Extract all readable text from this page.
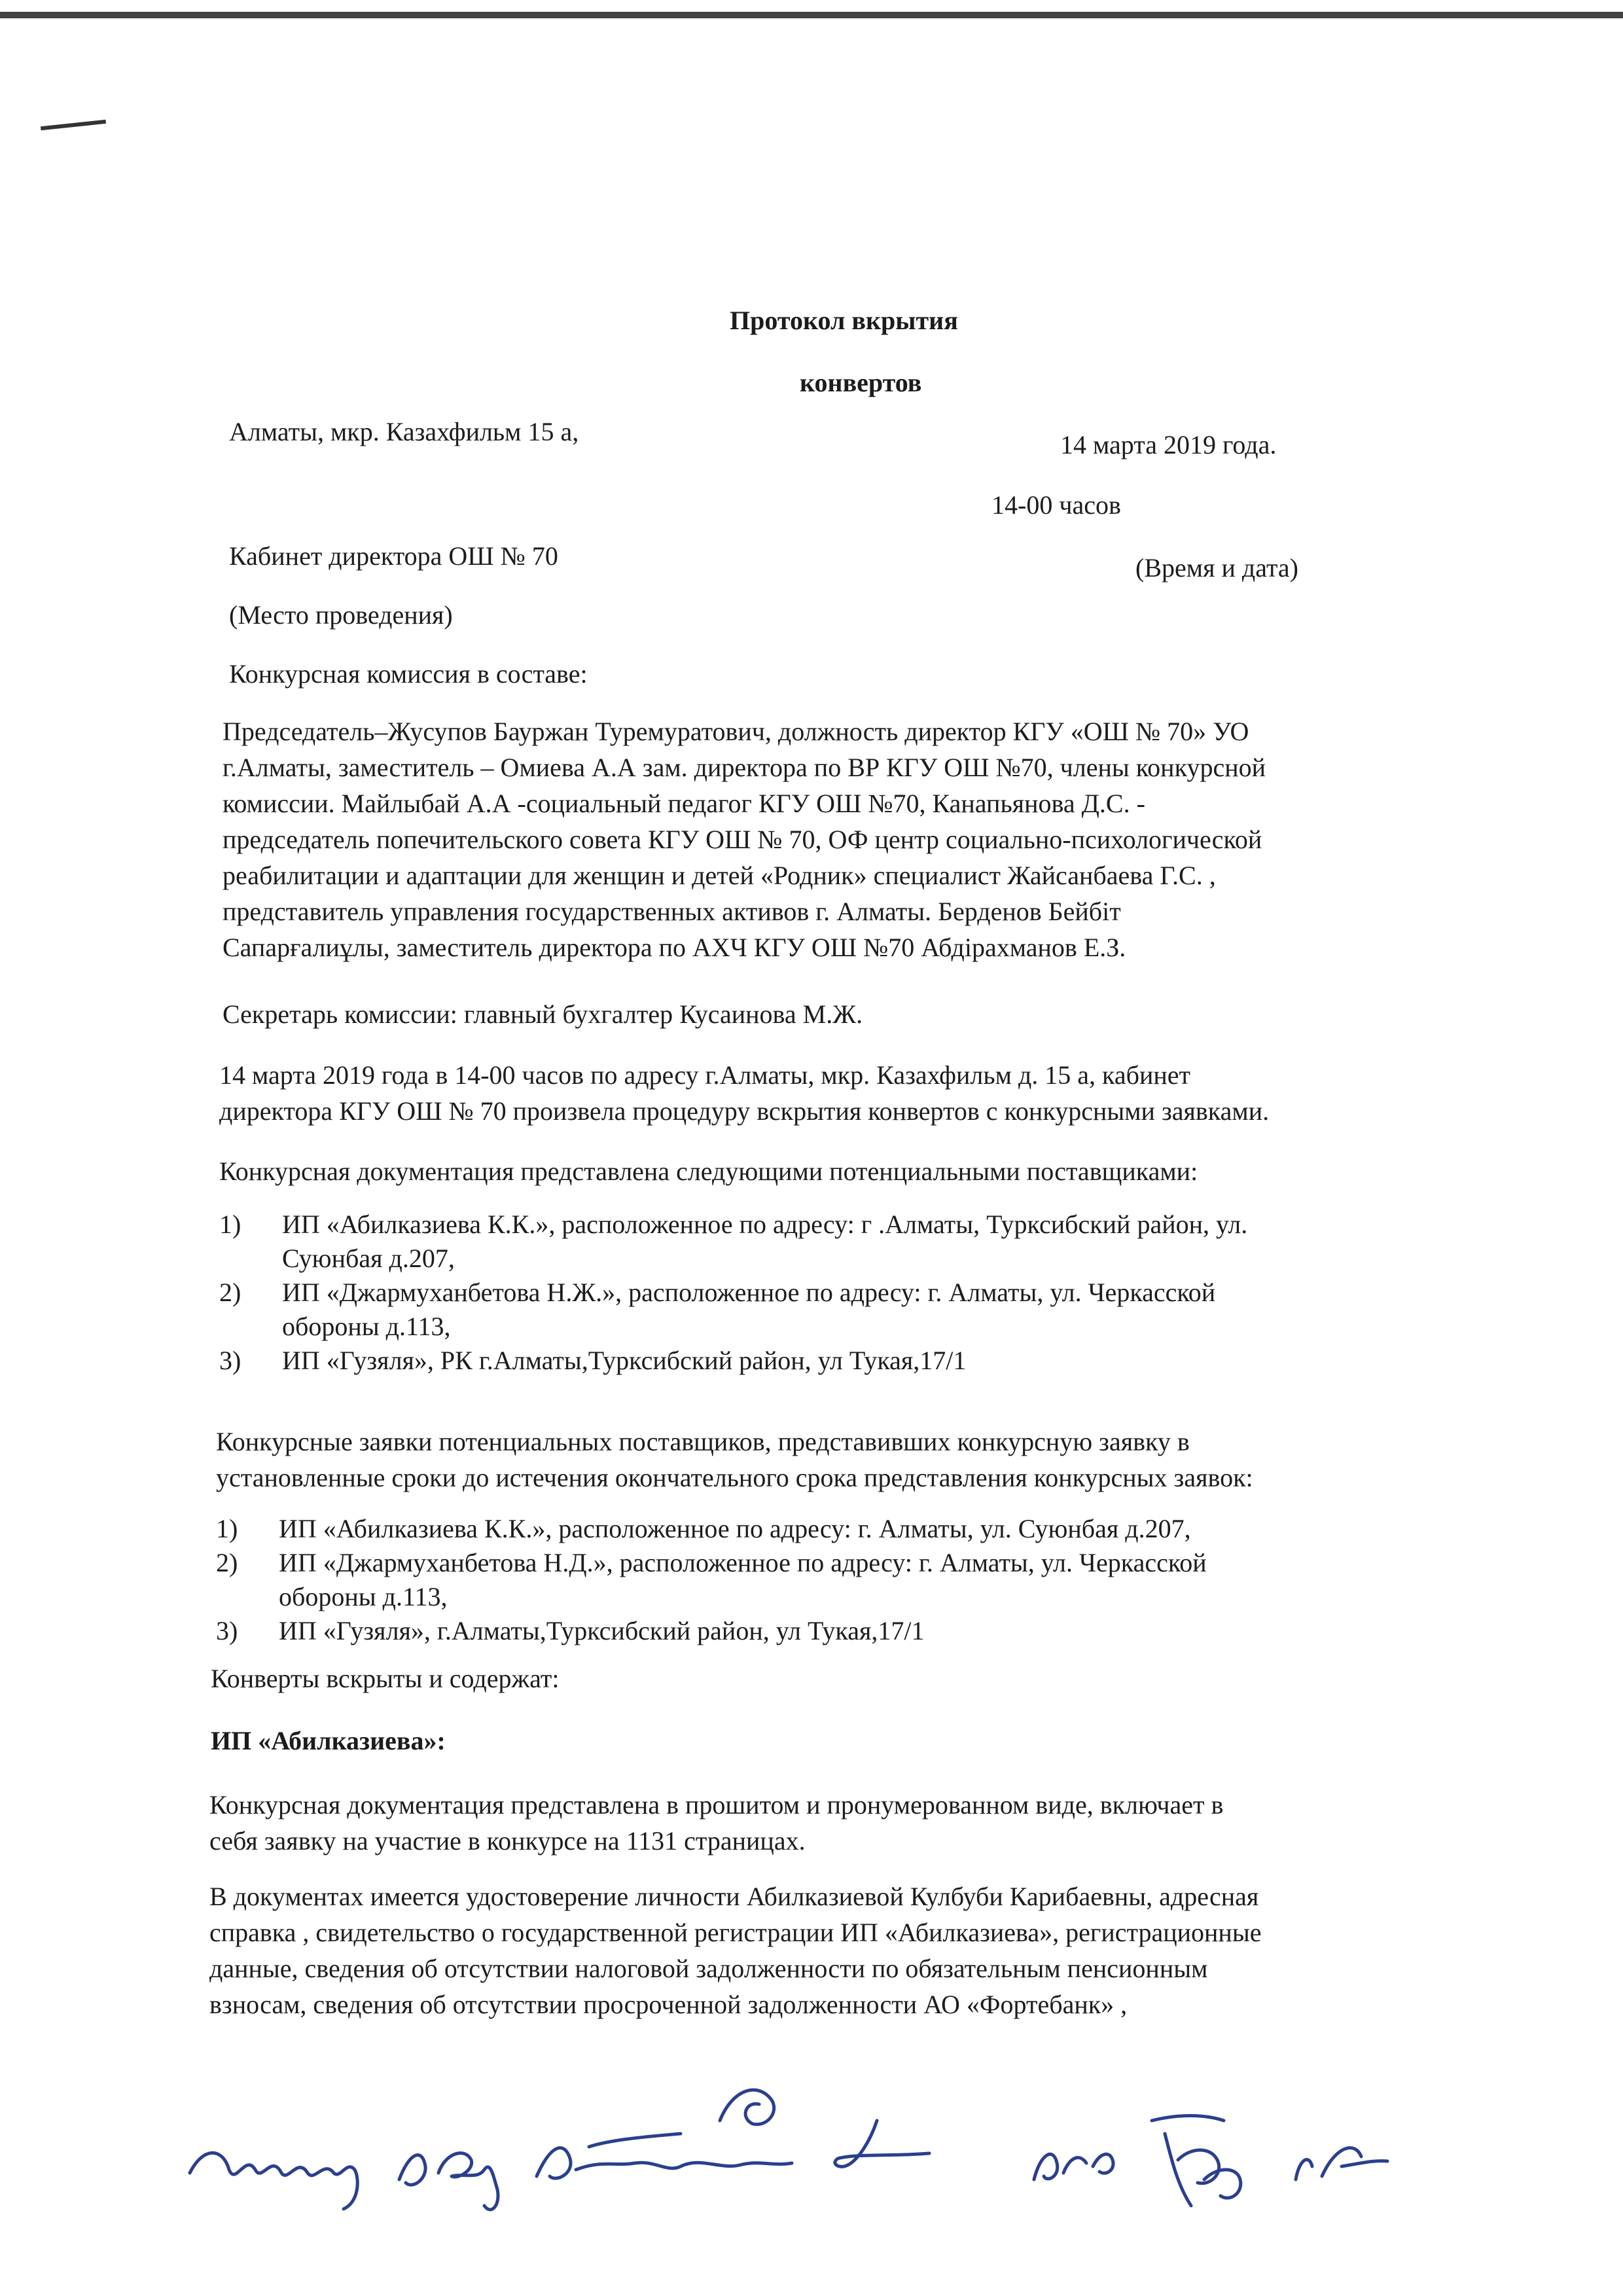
Протокол вкрытия
конвертов
Алматы, мкр. Казахфильм 15 а,	14 марта 2019 года.
14-00 часов
Кабинет директора ОШ № 70	(Время и дата)
(Место проведения)
Конкурсная комиссия в составе:
Председатель–Жусупов Бауржан Туремуратович, должность директор КГУ «ОШ № 70» УО
г.Алматы, заместитель – Омиева А.А зам. директора по ВР КГУ ОШ №70, члены конкурсной
комиссии. Майлыбай А.А -социальный педагог КГУ ОШ №70, Канапьянова Д.С. -
председатель попечительского совета КГУ ОШ № 70, ОФ центр социально-психологической
реабилитации и адаптации для женщин и детей «Родник» специалист Жайсанбаева Г.С. ,
представитель управления государственных активов г. Алматы. Берденов Бейбіт
Сапарғалиұлы, заместитель директора по АХЧ КГУ ОШ №70 Абдірахманов Е.З.
Секретарь комиссии: главный бухгалтер Кусаинова М.Ж.
14 марта 2019 года в 14-00 часов по адресу г.Алматы, мкр. Казахфильм д. 15 а, кабинет
директора КГУ ОШ № 70 произвела процедуру вскрытия конвертов с конкурсными заявками.
Конкурсная документация представлена следующими потенциальными поставщиками:
1) ИП «Абилказиева К.К.», расположенное по адресу: г .Алматы, Турксибский район, ул.
Суюнбая д.207,
2) ИП «Джармуханбетова Н.Ж.», расположенное по адресу: г. Алматы, ул. Черкасской
обороны д.113,
3) ИП «Гузяля», РК г.Алматы,Турксибский район, ул Тукая,17/1
Конкурсные заявки потенциальных поставщиков, представивших конкурсную заявку в
установленные сроки до истечения окончательного срока представления конкурсных заявок:
1) ИП «Абилказиева К.К.», расположенное по адресу: г. Алматы, ул. Суюнбая д.207,
2) ИП «Джармуханбетова Н.Д.», расположенное по адресу: г. Алматы, ул. Черкасской
обороны д.113,
3) ИП «Гузяля», г.Алматы,Турксибский район, ул Тукая,17/1
Конверты вскрыты и содержат:
ИП «Абилказиева»:
Конкурсная документация представлена в прошитом и пронумерованном виде, включает в
себя заявку на участие в конкурсе на 1131 страницах.
В документах имеется удостоверение личности Абилказиевой Кулбуби Карибаевны, адресная
справка , свидетельство о государственной регистрации ИП «Абилказиева», регистрационные
данные, сведения об отсутствии налоговой задолженности по обязательным пенсионным
взносам, сведения об отсутствии просроченной задолженности АО «Фортебанк» ,
